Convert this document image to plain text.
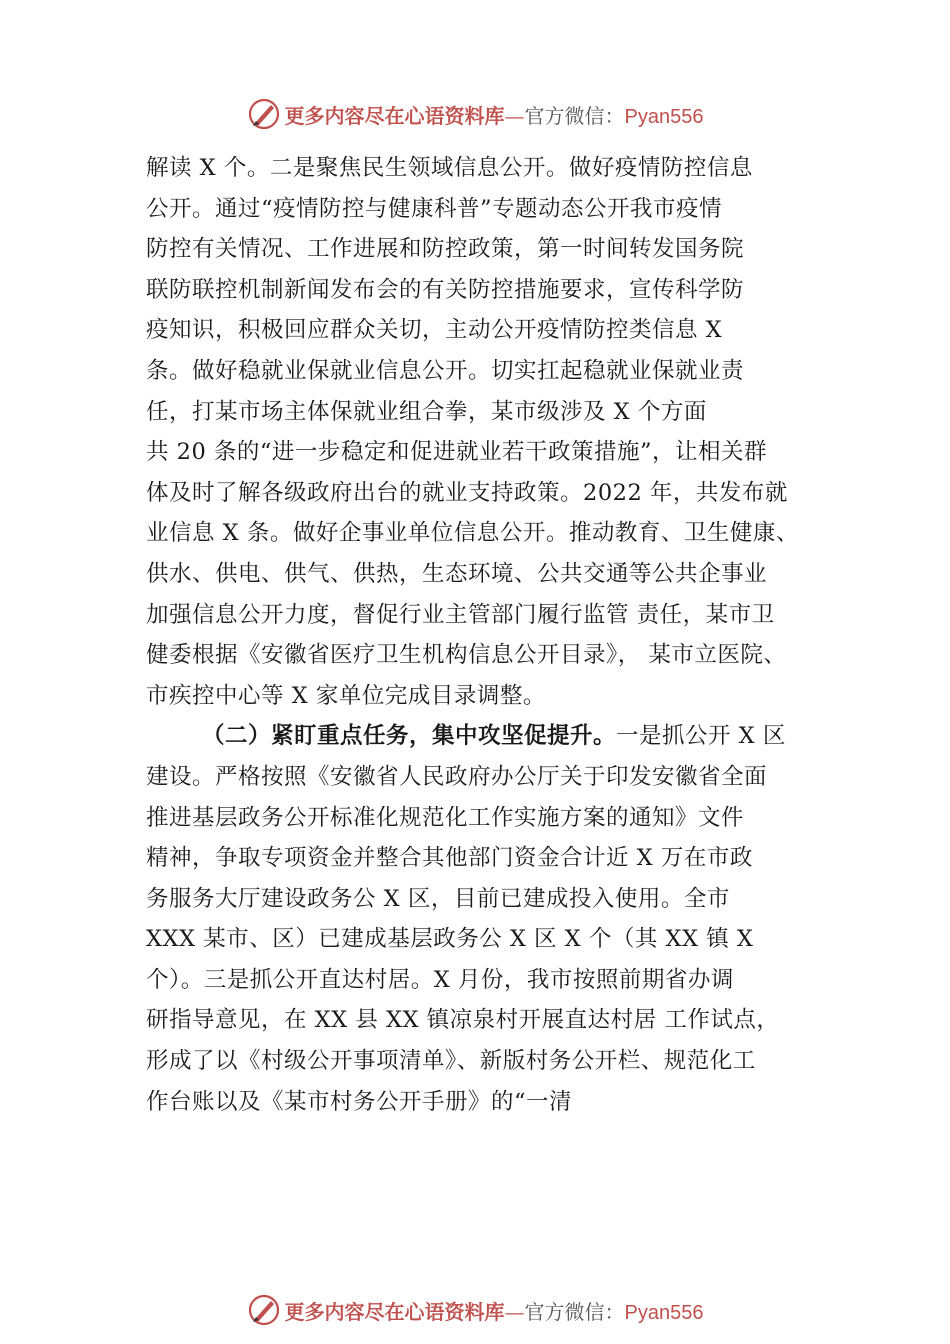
更多内容尽在心语资料库—官方微信：Pyan556
解读 X 个。二是聚焦民生领域信息公开。做好疫情防控信息
公开。通过“疫情防控与健康科普”专题动态公开我市疫情
防控有关情况、工作进展和防控政策，第一时间转发国务院
联防联控机制新闻发布会的有关防控措施要求，宣传科学防
疫知识，积极回应群众关切，主动公开疫情防控类信息 X
条。做好稳就业保就业信息公开。切实扛起稳就业保就业责
任，打某市场主体保就业组合拳，某市级涉及 X 个方面
共 20 条的“进一步稳定和促进就业若干政策措施”，让相关群
体及时了解各级政府出台的就业支持政策。2022 年，共发布就
业信息 X 条。做好企事业单位信息公开。推动教育、卫生健康、
供水、供电、供气、供热，生态环境、公共交通等公共企事业
加强信息公开力度，督促行业主管部门履行监管 责任，某市卫
健委根据《安徽省医疗卫生机构信息公开目录》， 某市立医院、
市疾控中心等 X 家单位完成目录调整。
（二）紧盯重点任务，集中攻坚促提升。一是抓公开 X 区
建设。严格按照《安徽省人民政府办公厅关于印发安徽省全面
推进基层政务公开标准化规范化工作实施方案的通知》文件
精神，争取专项资金并整合其他部门资金合计近 X 万在市政
务服务大厅建设政务公 X 区，目前已建成投入使用。全市
XXX 某市、区）已建成基层政务公 X 区 X 个（其 XX 镇 X
个）。三是抓公开直达村居。X 月份，我市按照前期省办调
研指导意见，在 XX 县 XX 镇凉泉村开展直达村居 工作试点，
形成了以《村级公开事项清单》、新版村务公开栏、规范化工
作台账以及《某市村务公开手册》的“一清
更多内容尽在心语资料库—官方微信：Pyan556
